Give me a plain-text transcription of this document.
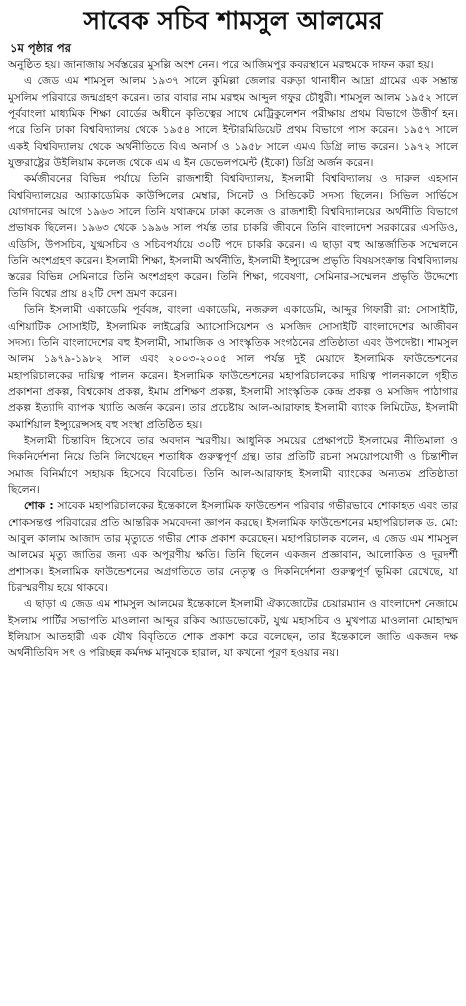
সাবেক সচিব শামসুল আলমের
১ম পৃষ্ঠার পর

অনুষ্ঠিত হয়। জানাজায় সর্বস্তরের মুসল্লি অংশ নেন। পরে আজিমপুর কবরস্থানে মরহুমকে দাফন করা হয়।

এ জেড এম শামসুল আলম ১৯৩৭ সালে কুমিল্লা জেলার বরুড়া থানাধীন আদ্রা গ্রামের এক সম্ভ্রান্ত মুসলিম পরিবারে জন্মগ্রহণ করেন। তার বাবার নাম মরহুম আব্দুল গফুর চৌধুরী। শামসুল আলম ১৯৫২ সালে পূর্ববাংলা মাধ্যমিক শিক্ষা বোর্ডের অধীনে কৃতিত্বের সাথে মেট্রিকুলেশন পরীক্ষায় প্রথম বিভাগে উত্তীর্ণ হন। পরে তিনি ঢাকা বিশ্ববিদ্যালয় থেকে ১৯৫৪ সালে ইন্টারমিডিয়েট প্রথম বিভাগে পাস করেন। ১৯৫৭ সালে একই বিশ্ববিদ্যালয় থেকে অর্থনীতিতে বিএ অনার্স ও ১৯৫৮ সালে এমএ ডিগ্রি লাভ করেন। ১৯৭২ সালে যুক্তরাষ্ট্রের উইলিয়াম কলেজ থেকে এম এ ইন ডেভেলপমেন্ট (ইকো) ডিগ্রি অর্জন করেন।

কর্মজীবনের বিভিন্ন পর্যায়ে তিনি রাজশাহী বিশ্ববিদ্যালয়, ইসলামী বিশ্ববিদ্যালয় ও দারুল এহসান বিশ্ববিদ্যালয়ের অ্যাকাডেমিক কাউন্সিলের মেম্বার, সিনেট ও সিন্ডিকেট সদস্য ছিলেন। সিভিল সার্ভিসে যোগদানের আগে ১৯৬৩ সালে তিনি যথাক্রমে ঢাকা কলেজ ও রাজশাহী বিশ্ববিদ্যালয়ের অর্থনীতি বিভাগে প্রভাষক ছিলেন। ১৯৬৩ থেকে ১৯৯৬ সাল পর্যন্ত তার চাকরি জীবনে তিনি বাংলাদেশ সরকারের এসডিও, এডিসি, উপসচিব, যুগ্মসচিব ও সচিবপর্যায়ে ৩০টি পদে চাকরি করেন। এ ছাড়া বহু আন্তর্জাতিক সম্মেলনে তিনি অংশগ্রহণ করেন। ইসলামী শিক্ষা, ইসলামী অর্থনীতি, ইসলামী ইন্স্যুরেন্স প্রভৃতি বিষয়সংক্রান্ত বিশ্ববিদ্যালয় স্তরের বিভিন্ন সেমিনারে তিনি অংশগ্রহণ করেন। তিনি শিক্ষা, গবেষণা, সেমিনার-সম্মেলন প্রভৃতি উদ্দেশ্যে তিনি বিশ্বের প্রায় ৪২টি দেশ ভ্রমণ করেন।

তিনি ইসলামী একাডেমি পূর্ববঙ্গ, বাংলা একাডেমি, নজরুল একাডেমি, আব্দুর গিফারী রা: সোসাইটি, এশিয়াটিক সোসাইটি, ইসলামিক লাইব্রেরি অ্যাসোসিয়েশন ও মসজিদ সোসাইটি বাংলাদেশের আজীবন সদস্য। তিনি বাংলাদেশের বহু ইসলামী, সামাজিক ও সাংস্কৃতিক সংগঠনের প্রতিষ্ঠাতা এবং উপদেষ্টা। শামসুল আলম ১৯৭৯-১৯৮২ সাল এবং ২০০৩-২০০৫ সাল পর্যন্ত দুই মেয়াদে ইসলামিক ফাউন্ডেশনের মহাপরিচালকের দায়িত্ব পালন করেন। ইসলামিক ফাউন্ডেশনের মহাপরিচালকের দায়িত্ব পালনকালে গৃহীত প্রকাশনা প্রকল্প, বিশ্বকোষ প্রকল্প, ইমাম প্রশিক্ষণ প্রকল্প, ইসলামী সাংস্কৃতিক কেন্দ্র প্রকল্প ও মসজিদ পাঠাগার প্রকল্প ইত্যাদি ব্যাপক খ্যাতি অর্জন করেন। তার প্রচেষ্টায় আল-আরাফাহ ইসলামী ব্যাংক লিমিটেড, ইসলামী কমার্শিয়াল ইন্স্যুরেন্সসহ বহু সংস্থা প্রতিষ্ঠিত হয়।

ইসলামী চিন্তাবিদ হিসেবে তার অবদান স্মরণীয়। আধুনিক সময়ের প্রেক্ষাপটে ইসলামের নীতিমালা ও দিকনির্দেশনা নিয়ে তিনি লিখেছেন শতাধিক গুরুত্বপূর্ণ গ্রন্থ। তার প্রতিটি রচনা সময়োপযোগী ও চিন্তাশীল সমাজ বিনির্মাণে সহায়ক হিসেবে বিবেচিত। তিনি আল-আরাফাহ ইসলামী ব্যাংকের অন্যতম প্রতিষ্ঠাতা ছিলেন।

শোক : সাবেক মহাপরিচালকের ইন্তেকালে ইসলামিক ফাউন্ডেশন পরিবার গভীরভাবে শোকাহত এবং তার শোকসন্তপ্ত পরিবারের প্রতি আন্তরিক সমবেদনা জ্ঞাপন করছে। ইসলামিক ফাউন্ডেশনের মহাপরিচালক ড. মো: আবুল কালাম আজাদ তার মৃত্যুতে গভীর শোক প্রকাশ করেছেন। মহাপরিচালক বলেন, এ জেড এম শামসুল আলমের মৃত্যু জাতির জন্য এক অপূরণীয় ক্ষতি। তিনি ছিলেন একজন প্রজ্ঞাবান, আলোকিত ও দূরদর্শী প্রশাসক। ইসলামিক ফাউন্ডেশনের অগ্রগতিতে তার নেতৃত্ব ও দিকনির্দেশনা গুরুত্বপূর্ণ ভূমিকা রেখেছে, যা চিরস্মরণীয় হয়ে থাকবে।

এ ছাড়া এ জেড এম শামসুল আলমের ইন্তেকালে ইসলামী ঐক্যজোটের চেয়ারম্যান ও বাংলাদেশ নেজামে ইসলাম পার্টির সভাপতি মাওলানা আব্দুর রকিব অ্যাডভোকেট, যুগ্ম মহাসচিব ও মুখপাত্র মাওলানা মোহাম্মদ ইলিয়াস আতহারী এক যৌথ বিবৃতিতে শোক প্রকাশ করে বলেছেন, তার ইন্তেকালে জাতি একজন দক্ষ অর্থনীতিবিদ সৎ ও পরিচ্ছন্ন কর্মদক্ষ মানুষকে হারাল, যা কখনো পূরণ হওয়ার নয়।
